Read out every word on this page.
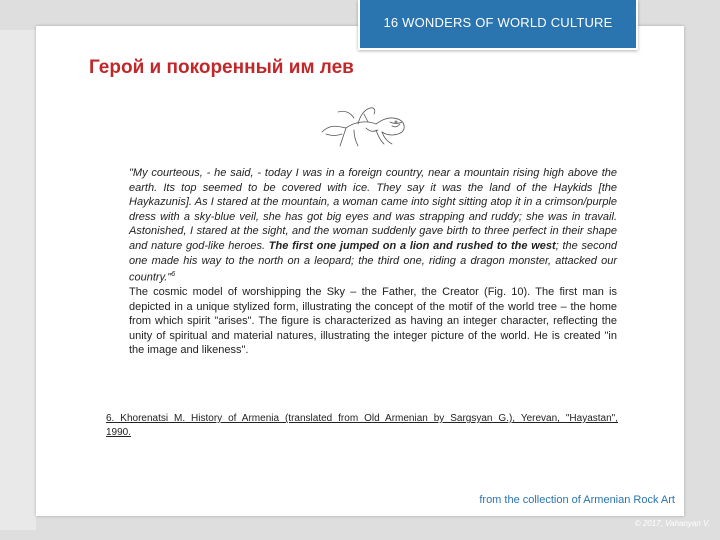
16 WONDERS OF WORLD CULTURE
Герой и покоренный им лев

"My courteous, - he said, - today I was in a foreign country, near a mountain rising high above the earth. Its top seemed to be covered with ice. They say it was the land of the Haykids [the Haykazunis]. As I stared at the mountain, a woman came into sight sitting atop it in a crimson/purple dress with a sky-blue veil, she has got big eyes and was strapping and ruddy; she was in travail. Astonished, I stared at the sight, and the woman suddenly gave birth to three perfect in their shape and nature god-like heroes. The first one jumped on a lion and rushed to the west; the second one made his way to the north on a leopard; the third one, riding a dragon monster, attacked our country."$^6$

The cosmic model of worshipping the Sky – the Father, the Creator (Fig. 10). The first man is depicted in a unique stylized form, illustrating the concept of the motif of the world tree – the home from which spirit "arises". The figure is characterized as having an integer character, reflecting the unity of spiritual and material natures, illustrating the integer picture of the world. He is created "in the image and likeness".

6. Khorenatsi M. History of Armenia (translated from Old Armenian by Sargsyan G.), Yerevan, "Hayastan", 1990.

from the collection of Armenian Rock Art

© 2017, Vahanyan V.
